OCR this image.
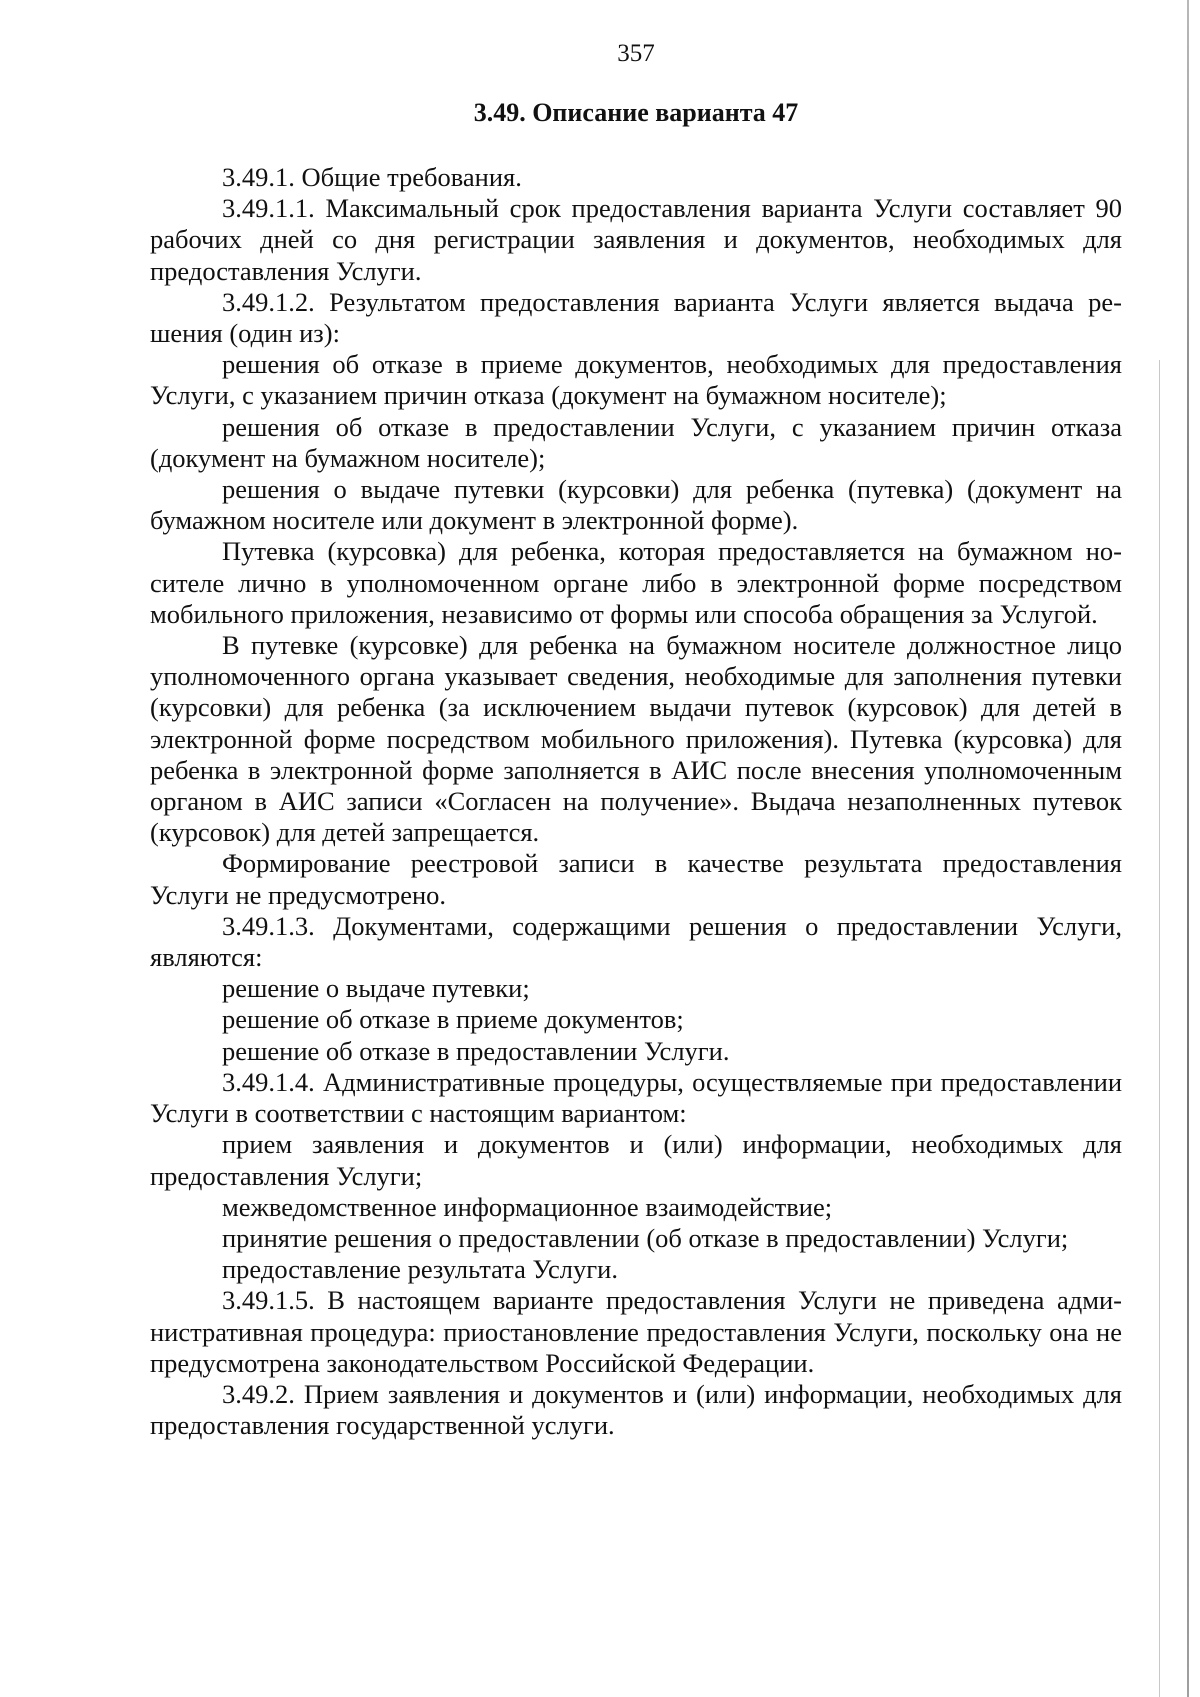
357
3.49. Описание варианта 47

3.49.1. Общие требования.

3.49.1.1. Максимальный срок предоставления варианта Услуги составляет 90 рабочих дней со дня регистрации заявления и документов, необходимых для предоставления Услуги.

3.49.1.2. Результатом предоставления варианта Услуги является выдача решения (один из):

решения об отказе в приеме документов, необходимых для предоставления Услуги, с указанием причин отказа (документ на бумажном носителе);

решения об отказе в предоставлении Услуги, с указанием причин отказа (документ на бумажном носителе);

решения о выдаче путевки (курсовки) для ребенка (путевка) (документ на бумажном носителе или документ в электронной форме).

Путевка (курсовка) для ребенка, которая предоставляется на бумажном носителе лично в уполномоченном органе либо в электронной форме посредством мобильного приложения, независимо от формы или способа обращения за Услугой.

В путевке (курсовке) для ребенка на бумажном носителе должностное лицо уполномоченного органа указывает сведения, необходимые для заполнения путевки (курсовки) для ребенка (за исключением выдачи путевок (курсовок) для детей в электронной форме посредством мобильного приложения). Путевка (курсовка) для ребенка в электронной форме заполняется в АИС после внесения уполномоченным органом в АИС записи «Согласен на получение». Выдача незаполненных путевок (курсовок) для детей запрещается.

Формирование реестровой записи в качестве результата предоставления Услуги не предусмотрено.

3.49.1.3. Документами, содержащими решения о предоставлении Услуги, являются:

решение о выдаче путевки;

решение об отказе в приеме документов;

решение об отказе в предоставлении Услуги.

3.49.1.4. Административные процедуры, осуществляемые при предоставлении Услуги в соответствии с настоящим вариантом:

прием заявления и документов и (или) информации, необходимых для предоставления Услуги;

межведомственное информационное взаимодействие;

принятие решения о предоставлении (об отказе в предоставлении) Услуги;

предоставление результата Услуги.

3.49.1.5. В настоящем варианте предоставления Услуги не приведена административная процедура: приостановление предоставления Услуги, поскольку она не предусмотрена законодательством Российской Федерации.

3.49.2. Прием заявления и документов и (или) информации, необходимых для предоставления государственной услуги.
